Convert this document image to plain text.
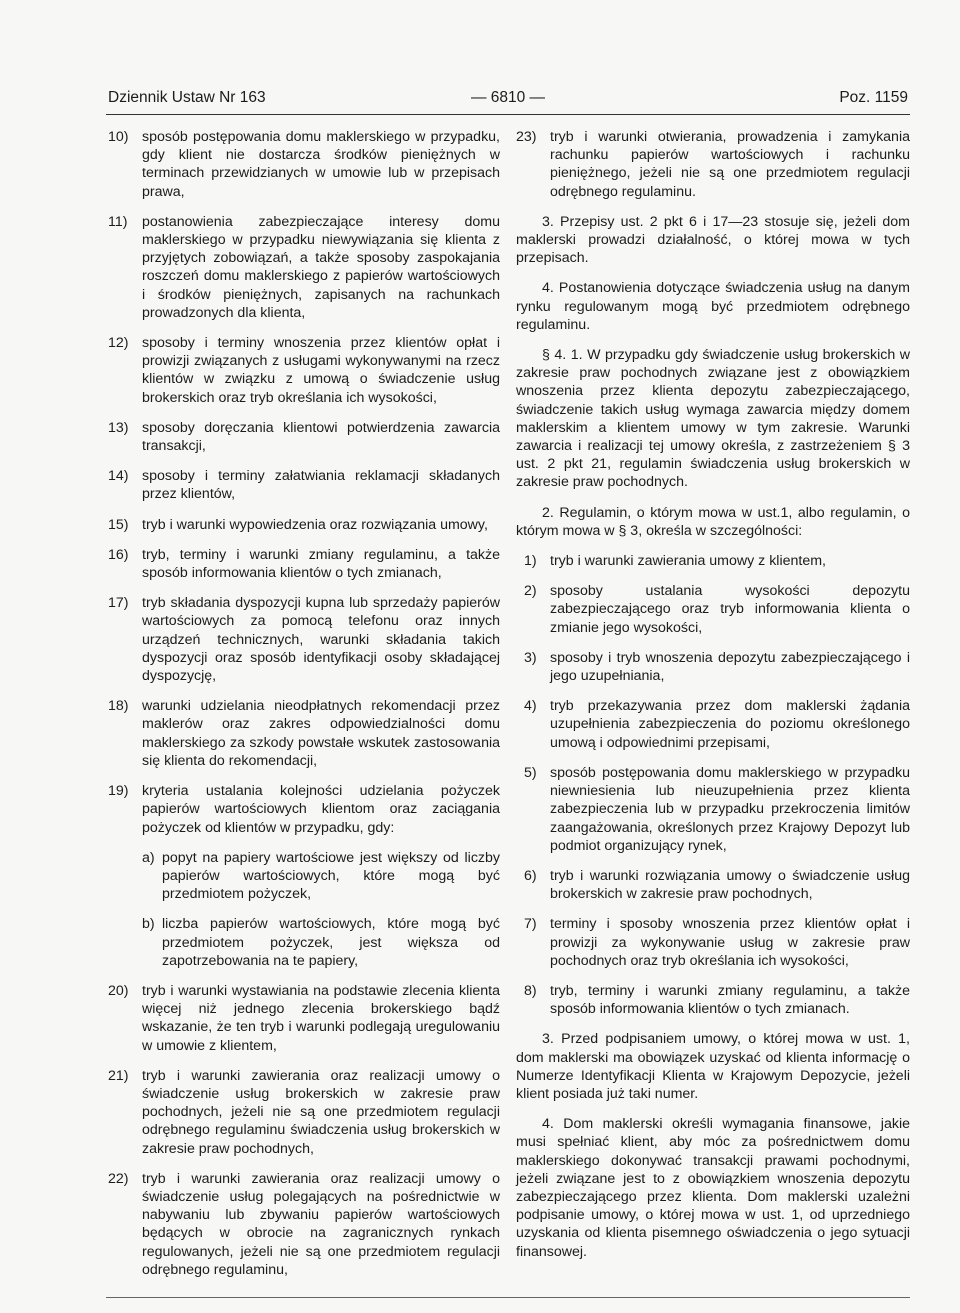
Dziennik Ustaw Nr 163	— 6810 —	Poz. 1159
10) sposób postępowania domu maklerskiego w przypadku, gdy klient nie dostarcza środków pieniężnych w terminach przewidzianych w umowie lub w przepisach prawa,
11)	postanowienia zabezpieczające interesy domu maklerskiego w przypadku niewywiązania się klienta z przyjętych zobowiązań, a także sposoby zaspokajania roszczeń domu maklerskiego z papierów wartościowych i środków pieniężnych, zapisanych na rachunkach prowadzonych dla klienta,
12) sposoby i terminy wnoszenia przez klientów opłat i prowizji związanych z usługami wykonywanymi na rzecz klientów w związku z umową o świadczenie usług brokerskich oraz tryb określania ich wysokości,
13) sposoby doręczania klientowi potwierdzenia zawarcia transakcji,
14) sposoby i terminy załatwiania reklamacji składanych przez klientów,
15) tryb i warunki wypowiedzenia oraz rozwiązania umowy,
16) tryb, terminy i warunki zmiany regulaminu, a także sposób informowania klientów o tych zmianach,
17) tryb składania dyspozycji kupna lub sprzedaży papierów wartościowych za pomocą telefonu oraz innych urządzeń technicznych, warunki składania takich dyspozycji oraz sposób identyfikacji osoby składającej dyspozycję,
18) warunki udzielania nieodpłatnych rekomendacji przez maklerów oraz zakres odpowiedzialności domu maklerskiego za szkody powstałe wskutek zastosowania się klienta do rekomendacji,
19) kryteria ustalania kolejności udzielania pożyczek papierów wartościowych klientom oraz zaciągania pożyczek od klientów w przypadku, gdy:
a) popyt na papiery wartościowe jest większy od liczby papierów wartościowych, które mogą być przedmiotem pożyczek,
b) liczba papierów wartościowych, które mogą być przedmiotem pożyczek, jest większa od zapotrzebowania na te papiery,
20) tryb i warunki wystawiania na podstawie zlecenia klienta więcej niż jednego zlecenia brokerskiego bądź wskazanie, że ten tryb i warunki podlegają uregulowaniu w umowie z klientem,
21) tryb i warunki zawierania oraz realizacji umowy o świadczenie usług brokerskich w zakresie praw pochodnych, jeżeli nie są one przedmiotem regulacji odrębnego regulaminu świadczenia usług brokerskich w zakresie praw pochodnych,
22) tryb i warunki zawierania oraz realizacji umowy o świadczenie usług polegających na pośrednictwie w nabywaniu lub zbywaniu papierów wartościowych będących w obrocie na zagranicznych rynkach regulowanych, jeżeli nie są one przedmiotem regulacji odrębnego regulaminu,
23) tryb i warunki otwierania, prowadzenia i zamykania rachunku papierów wartościowych i rachunku pieniężnego, jeżeli nie są one przedmiotem regulacji odrębnego regulaminu.

3. Przepisy ust. 2 pkt 6 i 17—23 stosuje się, jeżeli dom maklerski prowadzi działalność, o której mowa w tych przepisach.

4. Postanowienia dotyczące świadczenia usług na danym rynku regulowanym mogą być przedmiotem odrębnego regulaminu.

§ 4. 1. W przypadku gdy świadczenie usług brokerskich w zakresie praw pochodnych związane jest z obowiązkiem wnoszenia przez klienta depozytu zabezpieczającego, świadczenie takich usług wymaga zawarcia między domem maklerskim a klientem umowy w tym zakresie. Warunki zawarcia i realizacji tej umowy określa, z zastrzeżeniem § 3 ust. 2 pkt 21, regulamin świadczenia usług brokerskich w zakresie praw pochodnych.

2. Regulamin, o którym mowa w ust.1, albo regulamin, o którym mowa w § 3, określa w szczególności:

1) tryb i warunki zawierania umowy z klientem,
2) sposoby ustalania wysokości depozytu zabezpieczającego oraz tryb informowania klienta o zmianie jego wysokości,
3) sposoby i tryb wnoszenia depozytu zabezpieczającego i jego uzupełniania,
4) tryb przekazywania przez dom maklerski żądania uzupełnienia zabezpieczenia do poziomu określonego umową i odpowiednimi przepisami,
5) sposób postępowania domu maklerskiego w przypadku niewniesienia lub nieuzupełnienia przez klienta zabezpieczenia lub w przypadku przekroczenia limitów zaangażowania, określonych przez Krajowy Depozyt lub podmiot organizujący rynek,
6) tryb i warunki rozwiązania umowy o świadczenie usług brokerskich w zakresie praw pochodnych,
7) terminy i sposoby wnoszenia przez klientów opłat i prowizji za wykonywanie usług w zakresie praw pochodnych oraz tryb określania ich wysokości,
8) tryb, terminy i warunki zmiany regulaminu, a także sposób informowania klientów o tych zmianach.

3. Przed podpisaniem umowy, o której mowa w ust. 1, dom maklerski ma obowiązek uzyskać od klienta informację o Numerze Identyfikacji Klienta w Krajowym Depozycie, jeżeli klient posiada już taki numer.

4. Dom maklerski określi wymagania finansowe, jakie musi spełniać klient, aby móc za pośrednictwem domu maklerskiego dokonywać transakcji prawami pochodnymi, jeżeli związane jest to z obowiązkiem wnoszenia depozytu zabezpieczającego przez klienta. Dom maklerski uzależni podpisanie umowy, o której mowa w ust. 1, od uprzedniego uzyskania od klienta pisemnego oświadczenia o jego sytuacji finansowej.
